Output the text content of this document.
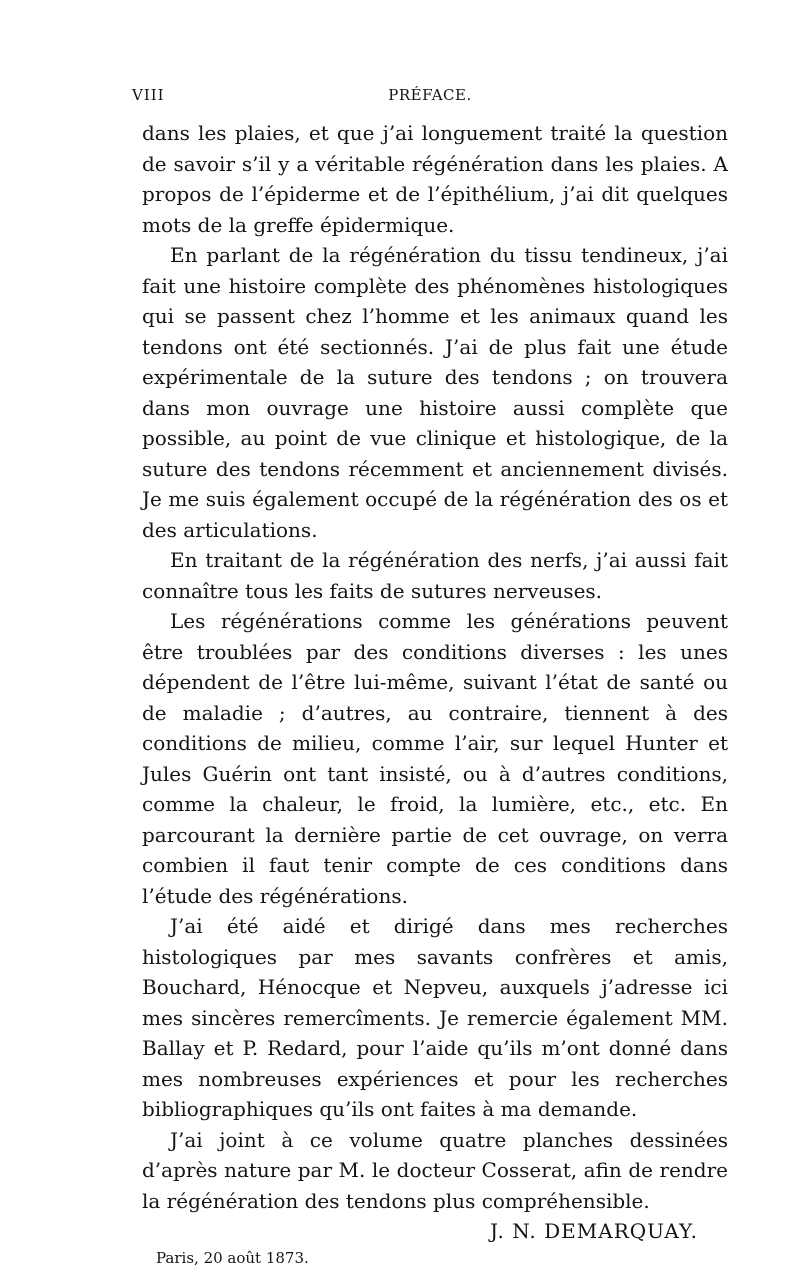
VIII	PRÉFACE.

dans les plaies, et que j’ai longuement traité la question de savoir s’il y a véritable régénération dans les plaies. A propos de l’épiderme et de l’épithélium, j’ai dit quelques mots de la greffe épidermique.

En parlant de la régénération du tissu tendineux, j’ai fait une histoire complète des phénomènes histologiques qui se passent chez l’homme et les animaux quand les tendons ont été sectionnés. J’ai de plus fait une étude expérimentale de la suture des tendons ; on trouvera dans mon ouvrage une histoire aussi complète que possible, au point de vue clinique et histologique, de la suture des tendons récemment et anciennement divisés. Je me suis également occupé de la régénération des os et des articulations.

En traitant de la régénération des nerfs, j’ai aussi fait connaître tous les faits de sutures nerveuses.

Les régénérations comme les générations peuvent être troublées par des conditions diverses : les unes dépendent de l’être lui-même, suivant l’état de santé ou de maladie ; d’autres, au contraire, tiennent à des conditions de milieu, comme l’air, sur lequel Hunter et Jules Guérin ont tant insisté, ou à d’autres conditions, comme la chaleur, le froid, la lumière, etc., etc. En parcourant la dernière partie de cet ouvrage, on verra combien il faut tenir compte de ces conditions dans l’étude des régénérations.

J’ai été aidé et dirigé dans mes recherches histologiques par mes savants confrères et amis, Bouchard, Hénocque et Nepveu, auxquels j’adresse ici mes sincères remercîments. Je remercie également MM. Ballay et P. Redard, pour l’aide qu’ils m’ont donné dans mes nombreuses expériences et pour les recherches bibliographiques qu’ils ont faites à ma demande.

J’ai joint à ce volume quatre planches dessinées d’après nature par M. le docteur Cosserat, afin de rendre la régénération des tendons plus compréhensible.

J. N. DEMARQUAY.

Paris, 20 août 1873.
